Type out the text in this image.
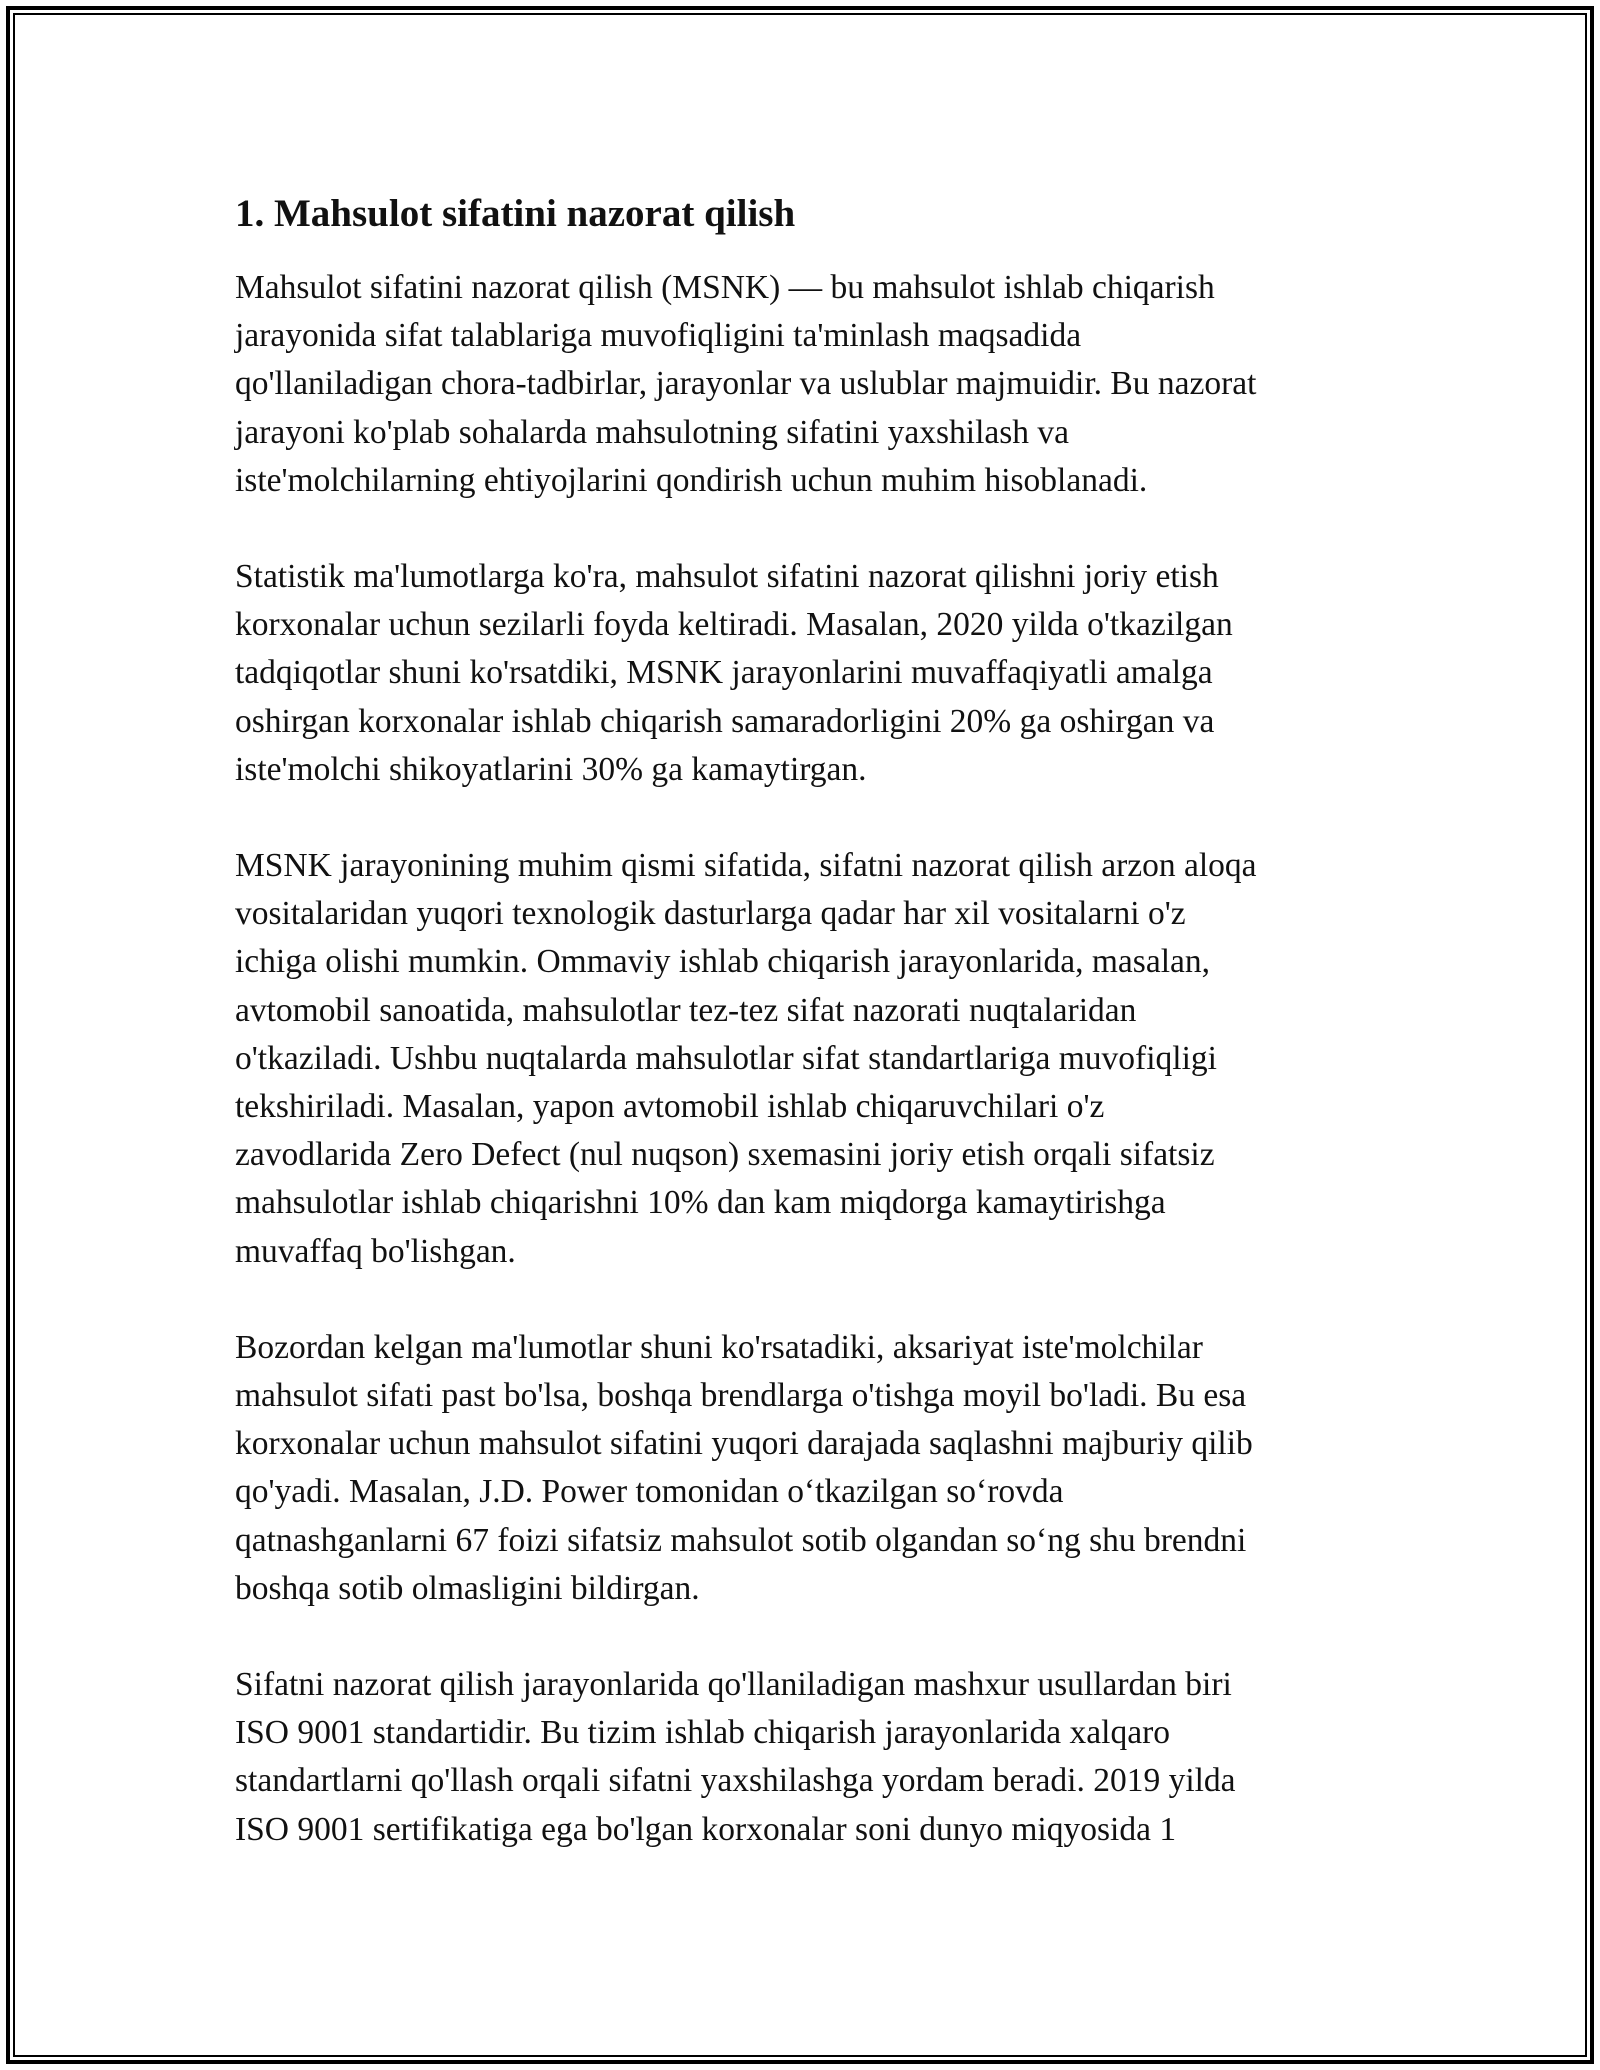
1. Mahsulot sifatini nazorat qilish

Mahsulot sifatini nazorat qilish (MSNK) — bu mahsulot ishlab chiqarish
jarayonida sifat talablariga muvofiqligini ta'minlash maqsadida
qo'llaniladigan chora-tadbirlar, jarayonlar va uslublar majmuidir. Bu nazorat
jarayoni ko'plab sohalarda mahsulotning sifatini yaxshilash va
iste'molchilarning ehtiyojlarini qondirish uchun muhim hisoblanadi.

Statistik ma'lumotlarga ko'ra, mahsulot sifatini nazorat qilishni joriy etish
korxonalar uchun sezilarli foyda keltiradi. Masalan, 2020 yilda o'tkazilgan
tadqiqotlar shuni ko'rsatdiki, MSNK jarayonlarini muvaffaqiyatli amalga
oshirgan korxonalar ishlab chiqarish samaradorligini 20% ga oshirgan va
iste'molchi shikoyatlarini 30% ga kamaytirgan.

MSNK jarayonining muhim qismi sifatida, sifatni nazorat qilish arzon aloqa
vositalaridan yuqori texnologik dasturlarga qadar har xil vositalarni o'z
ichiga olishi mumkin. Ommaviy ishlab chiqarish jarayonlarida, masalan,
avtomobil sanoatida, mahsulotlar tez-tez sifat nazorati nuqtalaridan
o'tkaziladi. Ushbu nuqtalarda mahsulotlar sifat standartlariga muvofiqligi
tekshiriladi. Masalan, yapon avtomobil ishlab chiqaruvchilari o'z
zavodlarida Zero Defect (nul nuqson) sxemasini joriy etish orqali sifatsiz
mahsulotlar ishlab chiqarishni 10% dan kam miqdorga kamaytirishga
muvaffaq bo'lishgan.

Bozordan kelgan ma'lumotlar shuni ko'rsatadiki, aksariyat iste'molchilar
mahsulot sifati past bo'lsa, boshqa brendlarga o'tishga moyil bo'ladi. Bu esa
korxonalar uchun mahsulot sifatini yuqori darajada saqlashni majburiy qilib
qo'yadi. Masalan, J.D. Power tomonidan o‘tkazilgan so‘rovda
qatnashganlarni 67 foizi sifatsiz mahsulot sotib olgandan so‘ng shu brendni
boshqa sotib olmasligini bildirgan.

Sifatni nazorat qilish jarayonlarida qo'llaniladigan mashxur usullardan biri
ISO 9001 standartidir. Bu tizim ishlab chiqarish jarayonlarida xalqaro
standartlarni qo'llash orqali sifatni yaxshilashga yordam beradi. 2019 yilda
ISO 9001 sertifikatiga ega bo'lgan korxonalar soni dunyo miqyosida 1
